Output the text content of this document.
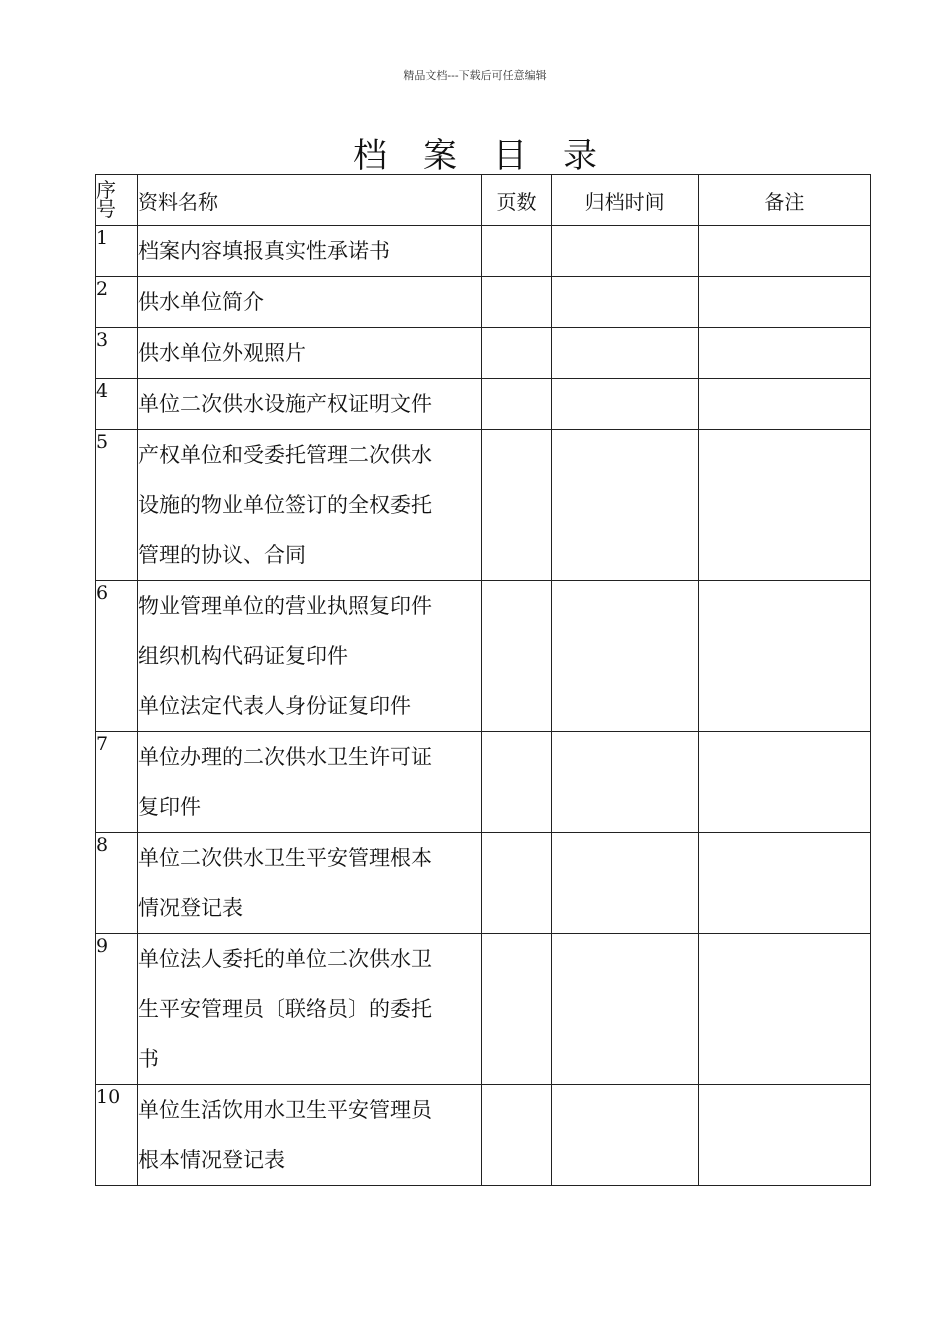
精品文档---下载后可任意编辑
档 案 目 录
序
号	资料名称	页数	归档时间	备注
1	档案内容填报真实性承诺书			

2	供水单位简介			

3	供水单位外观照片			

4	单位二次供水设施产权证明文件			

5	产权单位和受委托管理二次供水
设施的物业单位签订的全权委托
管理的协议、合同			

6	物业管理单位的营业执照复印件
组织机构代码证复印件
单位法定代表人身份证复印件			

7	单位办理的二次供水卫生许可证
复印件			

8	单位二次供水卫生平安管理根本
情况登记表			

9	单位法人委托的单位二次供水卫
生平安管理员〔联络员〕的委托
书			

10	单位生活饮用水卫生平安管理员
根本情况登记表			
